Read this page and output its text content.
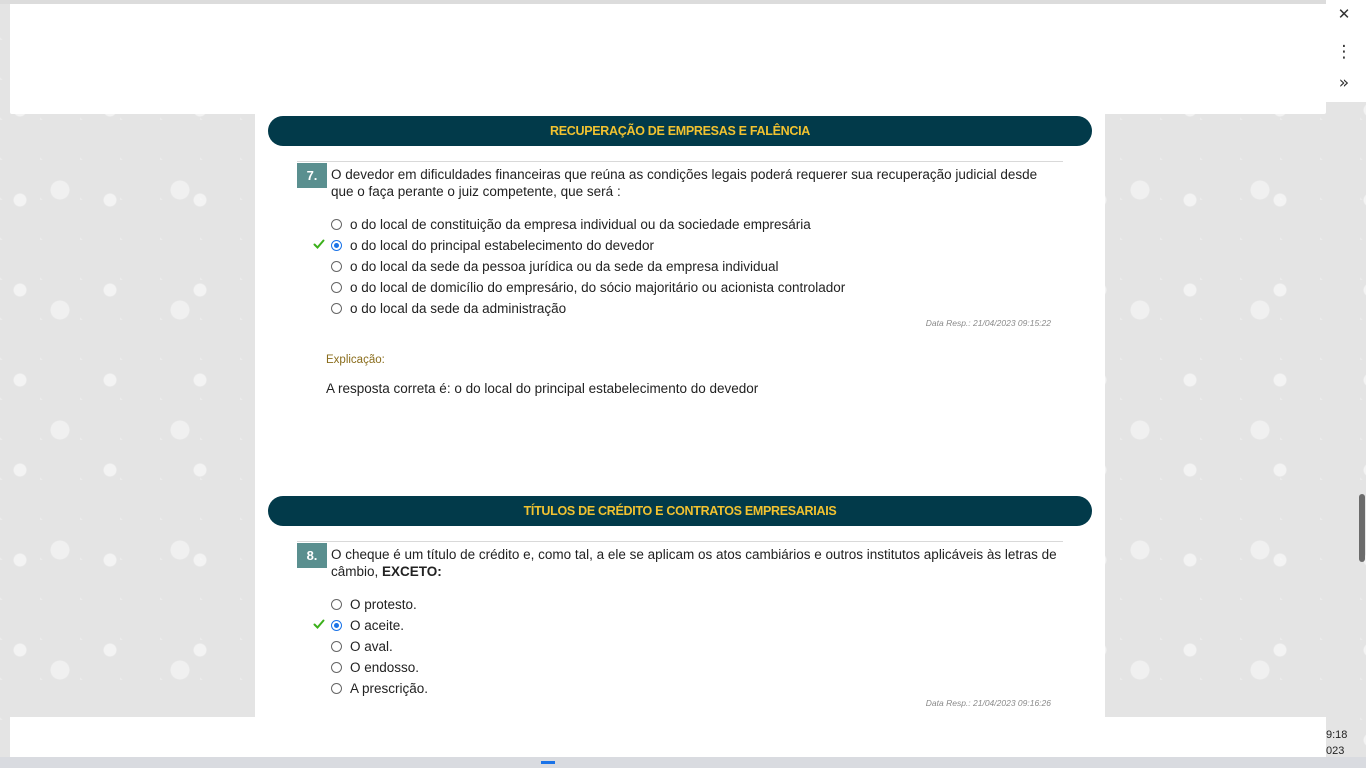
✕
⋮
»
RECUPERAÇÃO DE EMPRESAS E FALÊNCIA
7.	O devedor em dificuldades financeiras que reúna as condições legais poderá requerer sua recuperação judicial desde que o faça perante o juiz competente, que será :
o do local de constituição da empresa individual ou da sociedade empresária
o do local do principal estabelecimento do devedor
o do local da sede da pessoa jurídica ou da sede da empresa individual
o do local de domicílio do empresário, do sócio majoritário ou acionista controlador
o do local da sede da administração
Data Resp.: 21/04/2023 09:15:22
Explicação:
A resposta correta é: o do local do principal estabelecimento do devedor
TÍTULOS DE CRÉDITO E CONTRATOS EMPRESARIAIS
8.	O cheque é um título de crédito e, como tal, a ele se aplicam os atos cambiários e outros institutos aplicáveis às letras de câmbio, EXCETO:
O protesto.
O aceite.
O aval.
O endosso.
A prescrição.
Data Resp.: 21/04/2023 09:16:26
9:18
023
